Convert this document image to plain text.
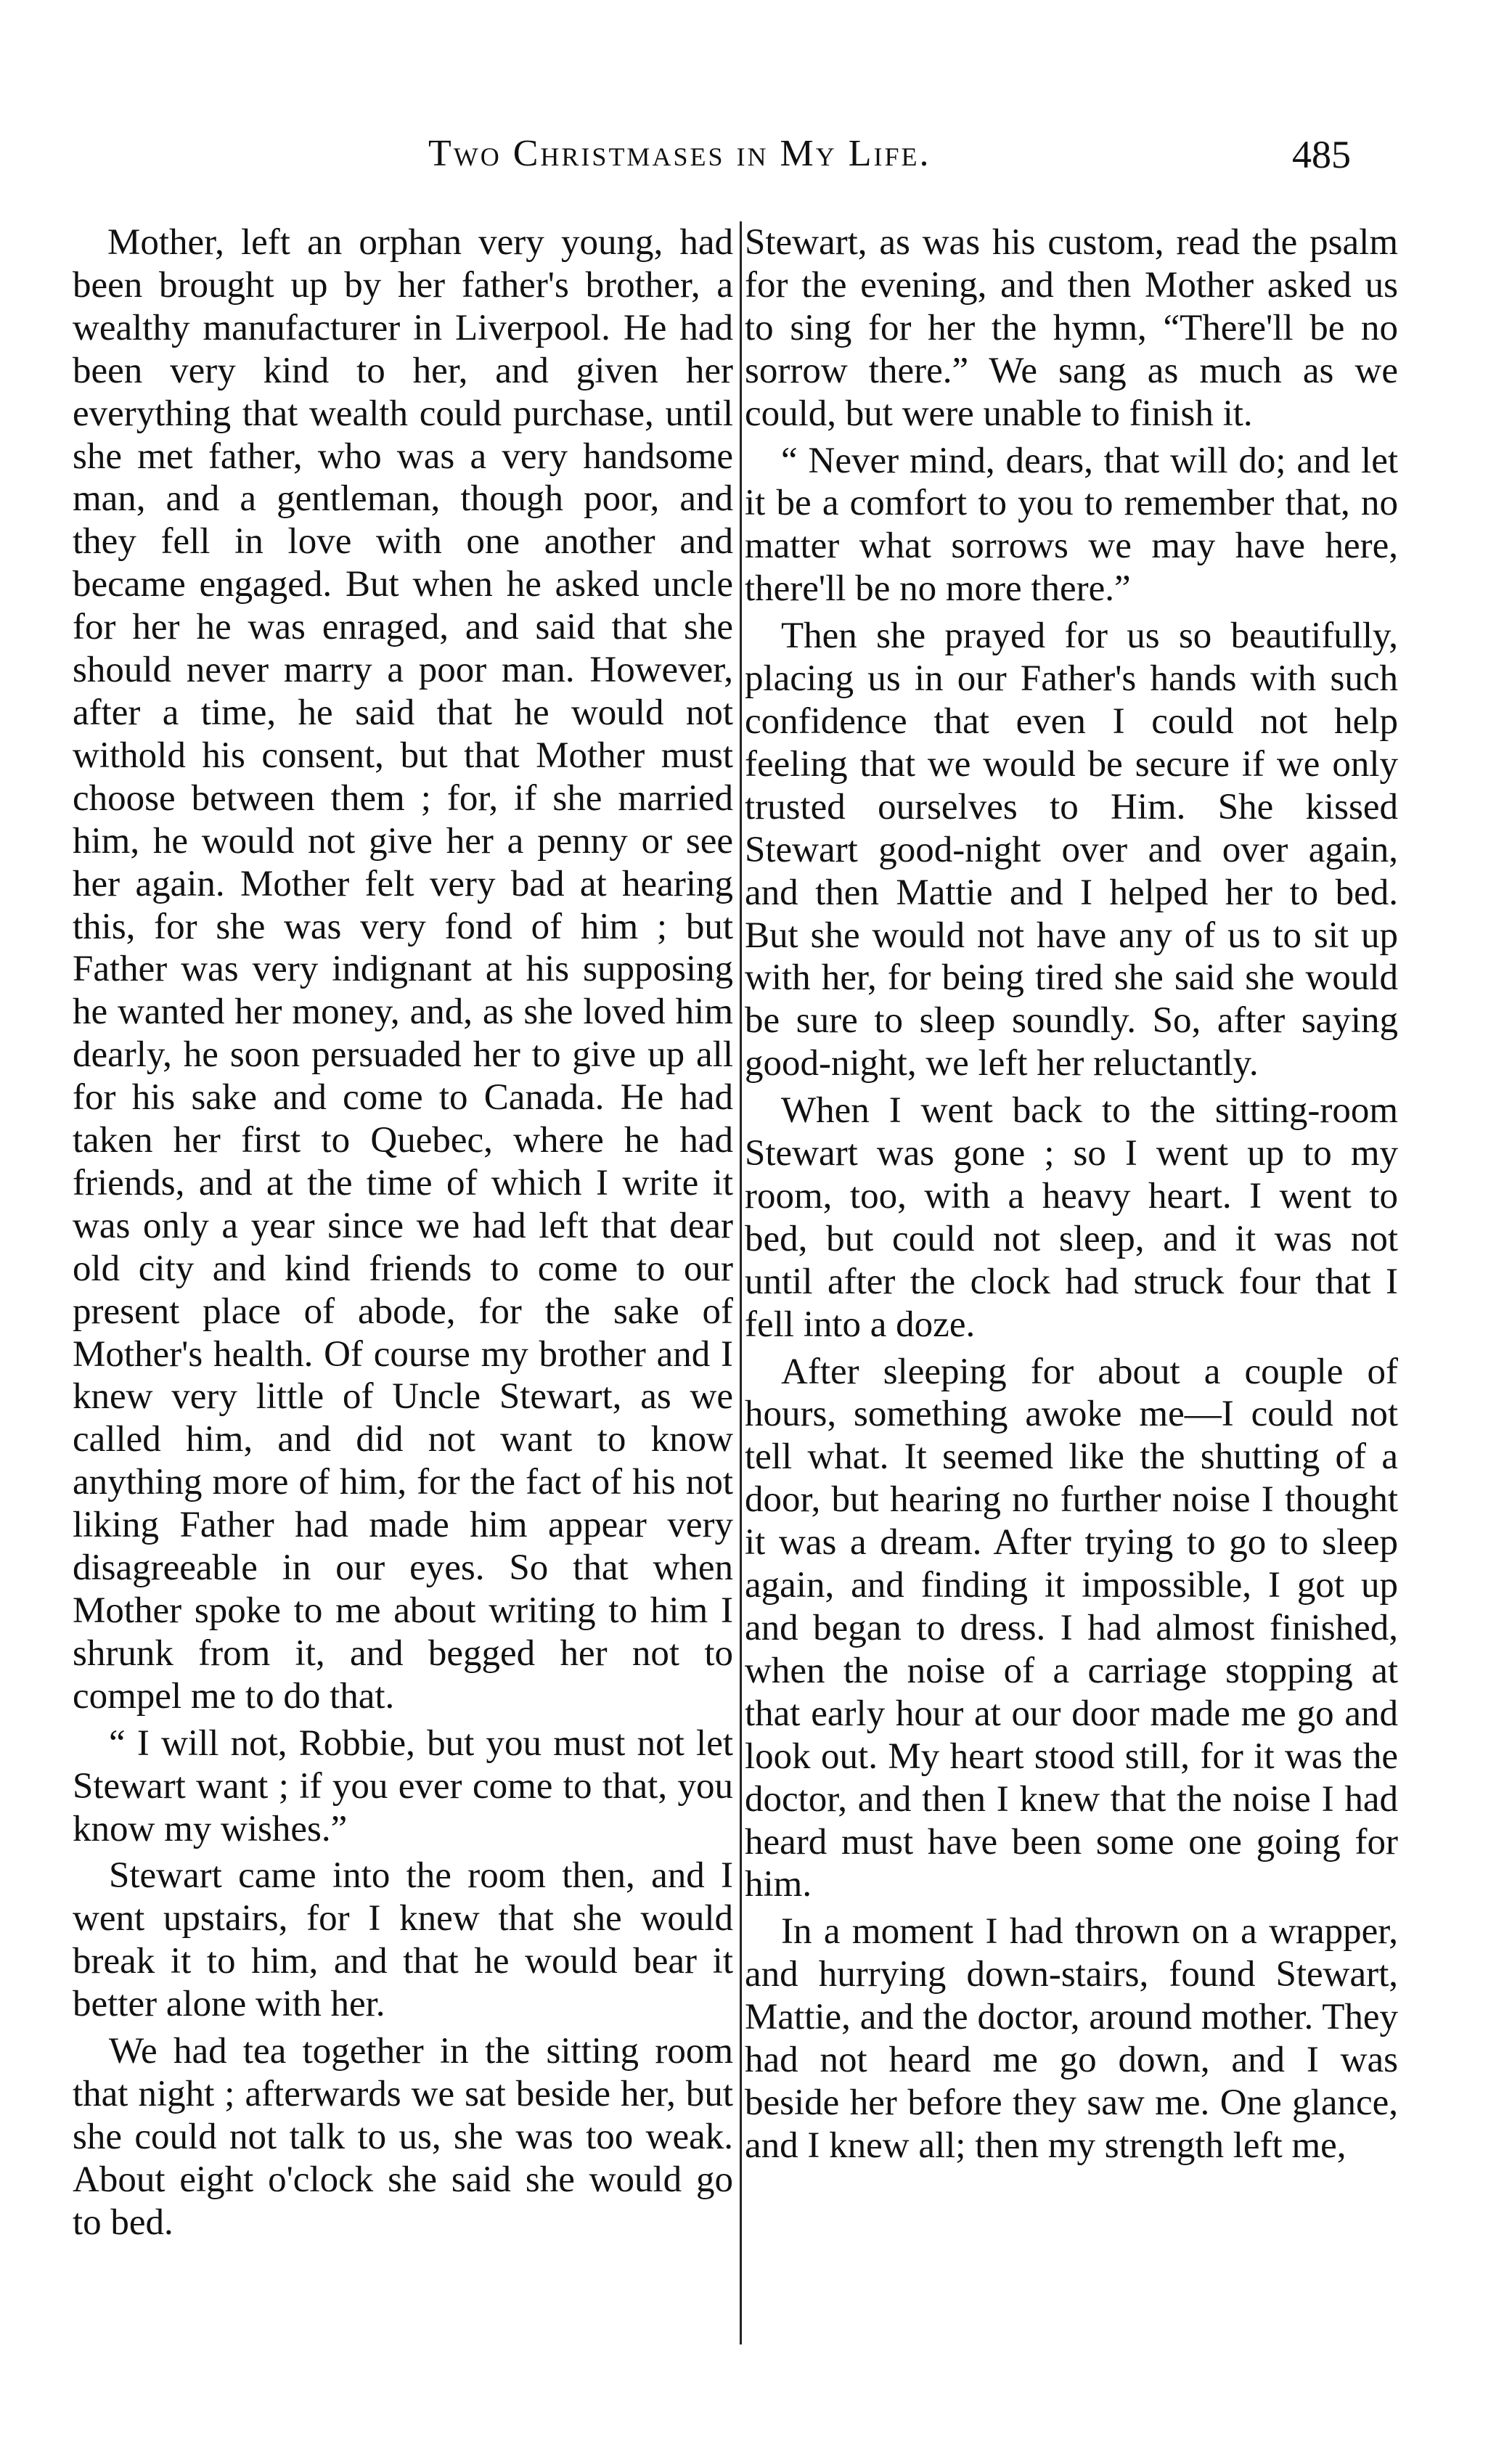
Two Christmases in My Life.	485

Mother, left an orphan very young, had been brought up by her father's brother, a wealthy manufacturer in Liverpool. He had been very kind to her, and given her everything that wealth could purchase, until she met father, who was a very handsome man, and a gentleman, though poor, and they fell in love with one another and became engaged. But when he asked uncle for her he was enraged, and said that she should never marry a poor man. However, after a time, he said that he would not withold his consent, but that Mother must choose between them ; for, if she married him, he would not give her a penny or see her again. Mother felt very bad at hearing this, for she was very fond of him ; but Father was very indignant at his supposing he wanted her money, and, as she loved him dearly, he soon persuaded her to give up all for his sake and come to Canada. He had taken her first to Quebec, where he had friends, and at the time of which I write it was only a year since we had left that dear old city and kind friends to come to our present place of abode, for the sake of Mother's health. Of course my brother and I knew very little of Uncle Stewart, as we called him, and did not want to know anything more of him, for the fact of his not liking Father had made him appear very disagreeable in our eyes. So that when Mother spoke to me about writing to him I shrunk from it, and begged her not to compel me to do that.

“ I will not, Robbie, but you must not let Stewart want ; if you ever come to that, you know my wishes.”

Stewart came into the room then, and I went upstairs, for I knew that she would break it to him, and that he would bear it better alone with her.

We had tea together in the sitting room that night ; afterwards we sat beside her, but she could not talk to us, she was too weak. About eight o'clock she said she would go to bed.

Stewart, as was his custom, read the psalm for the evening, and then Mother asked us to sing for her the hymn, “There'll be no sorrow there.” We sang as much as we could, but were unable to finish it.

“ Never mind, dears, that will do; and let it be a comfort to you to remember that, no matter what sorrows we may have here, there'll be no more there.”

Then she prayed for us so beautifully, placing us in our Father's hands with such confidence that even I could not help feeling that we would be secure if we only trusted ourselves to Him. She kissed Stewart good-night over and over again, and then Mattie and I helped her to bed. But she would not have any of us to sit up with her, for being tired she said she would be sure to sleep soundly. So, after saying good-night, we left her reluctantly.

When I went back to the sitting-room Stewart was gone ; so I went up to my room, too, with a heavy heart. I went to bed, but could not sleep, and it was not until after the clock had struck four that I fell into a doze.

After sleeping for about a couple of hours, something awoke me—I could not tell what. It seemed like the shutting of a door, but hearing no further noise I thought it was a dream. After trying to go to sleep again, and finding it impossible, I got up and began to dress. I had almost finished, when the noise of a carriage stopping at that early hour at our door made me go and look out. My heart stood still, for it was the doctor, and then I knew that the noise I had heard must have been some one going for him.

In a moment I had thrown on a wrapper, and hurrying down-stairs, found Stewart, Mattie, and the doctor, around mother. They had not heard me go down, and I was beside her before they saw me. One glance, and I knew all; then my strength left me,
